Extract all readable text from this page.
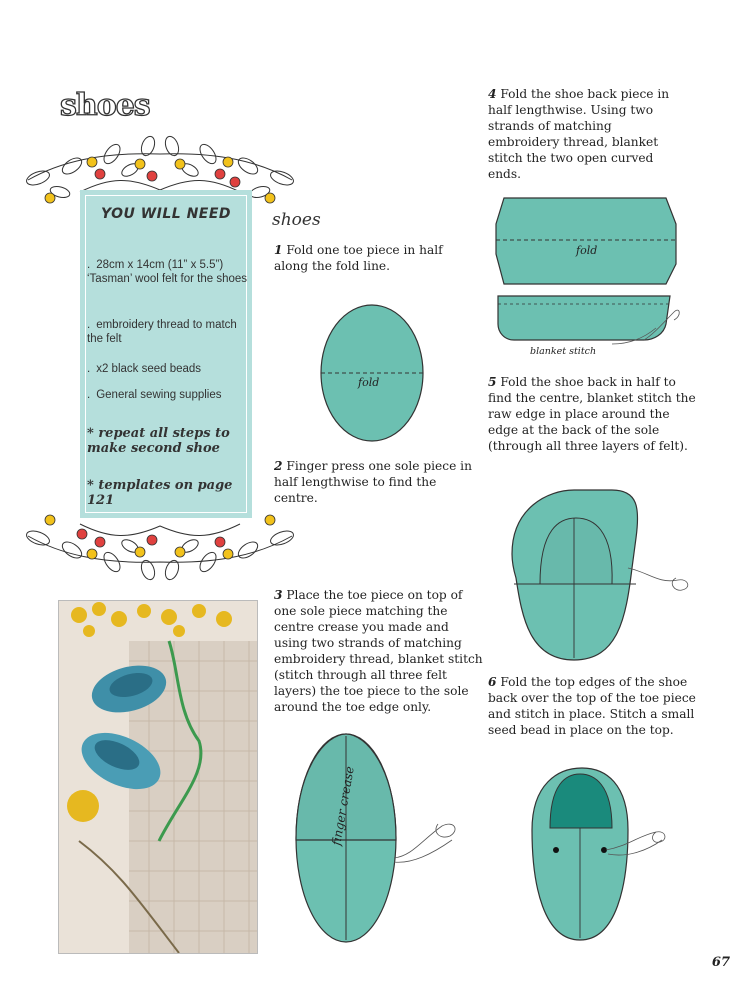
shoes
YOU WILL NEED
. 28cm x 14cm (11” x 5.5”) ‘Tasman’ wool felt for the shoes
. embroidery thread to match the felt
. x2 black seed beads
. General sewing supplies
* repeat all steps to make second shoe
* templates on page 121
shoes
1 Fold one toe piece in half along the fold line.
fold
2 Finger press one sole piece in half lengthwise to find the centre.
3 Place the toe piece on top of one sole piece matching the centre crease you made and using two strands of matching embroidery thread, blanket stitch (stitch through all three felt layers) the toe piece to the sole around the toe edge only.
finger crease
4 Fold the shoe back piece in half lengthwise. Using two strands of matching embroidery thread, blanket stitch the two open curved ends.
fold
blanket stitch
5 Fold the shoe back in half to find the centre, blanket stitch the raw edge in place around the edge at the back of the sole (through all three layers of felt).
6 Fold the top edges of the shoe back over the top of the toe piece and stitch in place. Stitch a small seed bead in place on the top.
67
